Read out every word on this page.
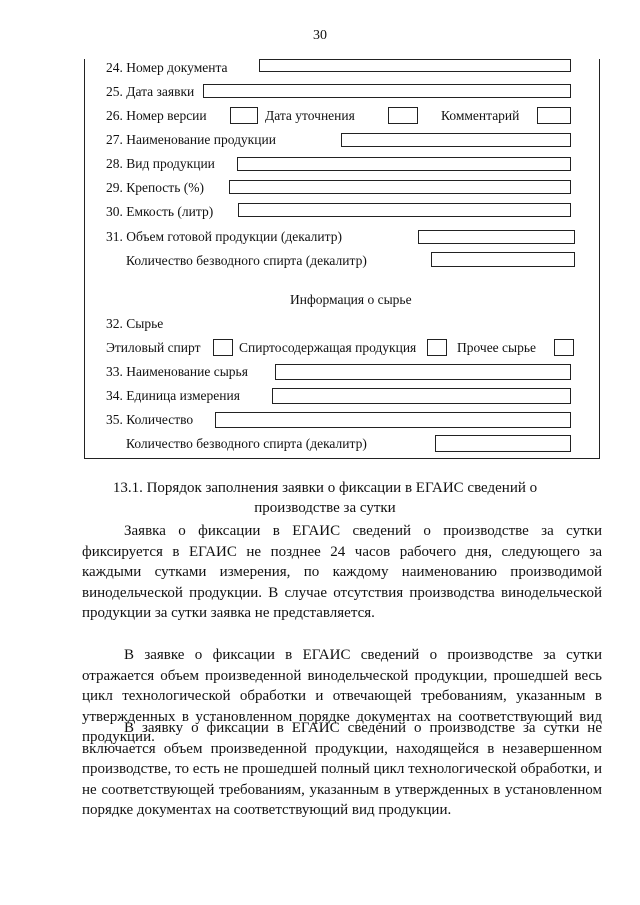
30
24. Номер документа
25. Дата заявки
26. Номер версии	Дата уточнения	Комментарий
27. Наименование продукции
28. Вид продукции
29. Крепость (%)
30. Емкость (литр)
31. Объем готовой продукции (декалитр)
Количество безводного спирта (декалитр)
Информация о сырье
32. Сырье
Этиловый спирт	Спиртосодержащая продукция	Прочее сырье
33. Наименование сырья
34. Единица измерения
35. Количество
Количество безводного спирта (декалитр)
13.1. Порядок заполнения заявки о фиксации в ЕГАИС сведений о производстве за сутки

Заявка о фиксации в ЕГАИС сведений о производстве за сутки фиксируется в ЕГАИС не позднее 24 часов рабочего дня, следующего за каждыми сутками измерения, по каждому наименованию производимой винодельческой продукции. В случае отсутствия производства винодельческой продукции за сутки заявка не представляется.

В заявке о фиксации в ЕГАИС сведений о производстве за сутки отражается объем произведенной винодельческой продукции, прошедшей весь цикл технологической обработки и отвечающей требованиям, указанным в утвержденных в установленном порядке документах на соответствующий вид продукции.

В заявку о фиксации в ЕГАИС сведений о производстве за сутки не включается объем произведенной продукции, находящейся в незавершенном производстве, то есть не прошедшей полный цикл технологической обработки, и не соответствующей требованиям, указанным в утвержденных в установленном порядке документах на соответствующий вид продукции.
